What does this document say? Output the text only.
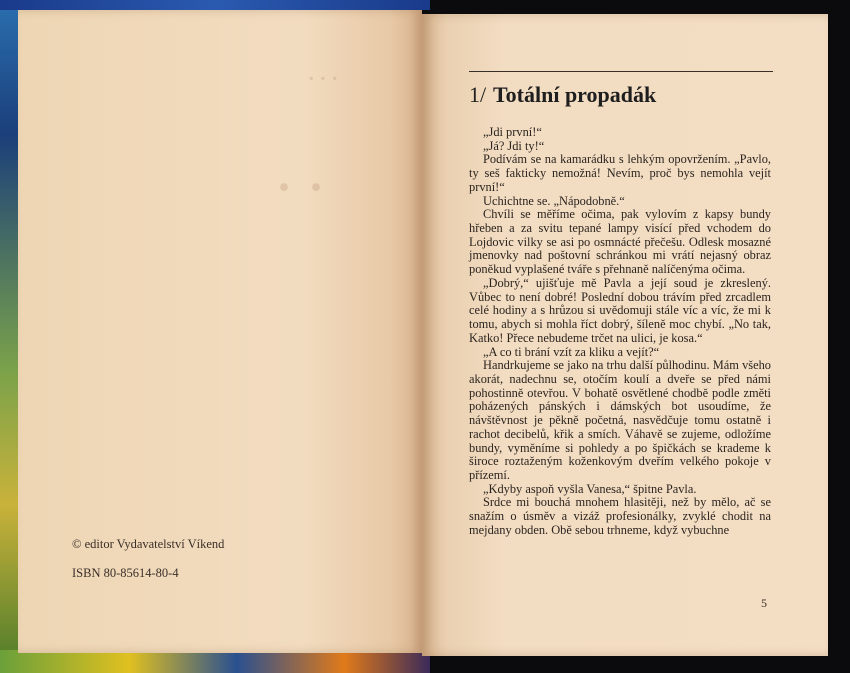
· · ·
· ·
© editor Vydavatelství Víkend
ISBN 80-85614-80-4
1/ Totální propadák

„Jdi první!“

„Já? Jdi ty!“

Podívám se na kamarádku s lehkým opovržením. „Pavlo, ty seš fakticky nemožná! Nevím, proč bys nemohla vejít první!“

Uchichtne se. „Nápodobně.“

Chvíli se měříme očima, pak vylovím z kapsy bundy hřeben a za svitu tepané lampy visící před vchodem do Lojdovic vilky se asi po osmnácté přečešu. Odlesk mosazné jmenovky nad poštovní schránkou mi vrátí nejasný obraz poněkud vyplašené tváře s přehnaně nalíčenýma očima.

„Dobrý,“ ujišťuje mě Pavla a její soud je zkreslený. Vůbec to není dobré! Poslední dobou trávím před zrcadlem celé hodiny a s hrůzou si uvědomuji stále víc a víc, že mi k tomu, abych si mohla říct dobrý, šíleně moc chybí. „No tak, Katko! Přece nebudeme trčet na ulici, je kosa.“

„A co ti brání vzít za kliku a vejít?“

Handrkujeme se jako na trhu další půlhodinu. Mám všeho akorát, nadechnu se, otočím koulí a dveře se před námi pohostinně otevřou. V bohatě osvětlené chodbě podle změti poházených pánských i dámských bot usoudíme, že návštěvnost je pěkně početná, nasvědčuje tomu ostatně i rachot decibelů, křik a smích. Váhavě se zujeme, odložíme bundy, vyměníme si pohledy a po špičkách se krademe k široce roztaženým koženkovým dveřím velkého pokoje v přízemí.

„Kdyby aspoň vyšla Vanesa,“ špitne Pavla.

Srdce mi bouchá mnohem hlasitěji, než by mělo, ač se snažím o úsměv a vizáž profesionálky, zvyklé chodit na mejdany obden. Obě sebou trhneme, když vybuchne

5
